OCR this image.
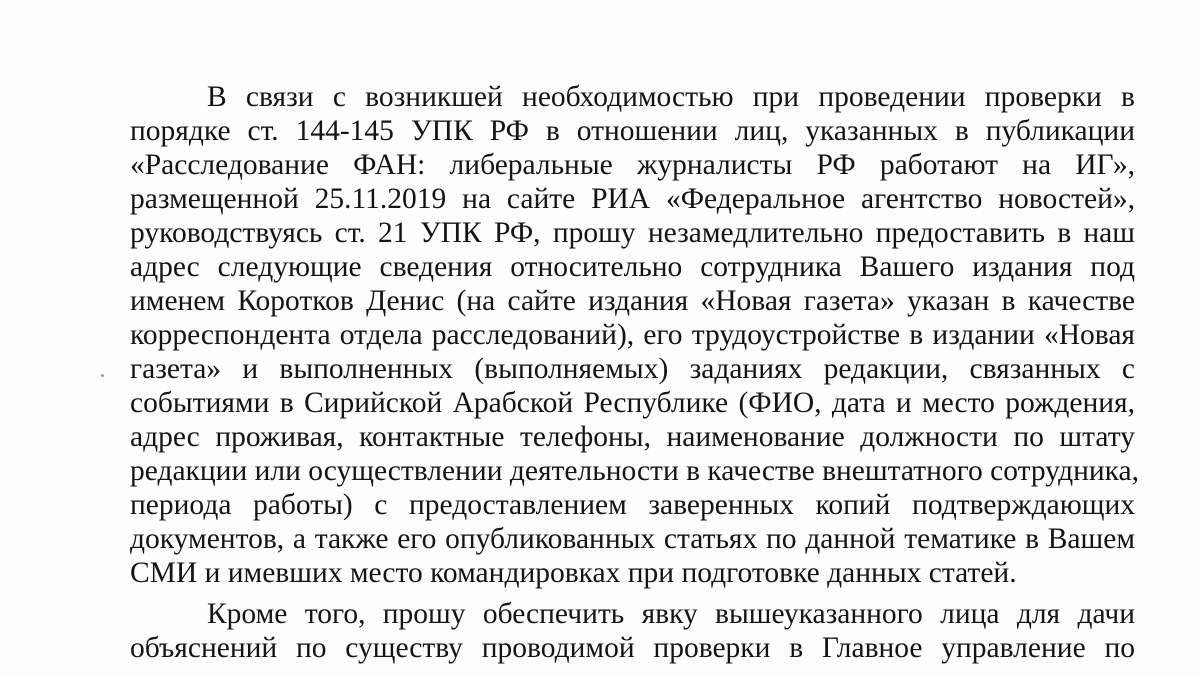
В связи с возникшей необходимостью при проведении проверки в
порядке ст. 144-145 УПК РФ в отношении лиц, указанных в публикации
«Расследование ФАН: либеральные журналисты РФ работают на ИГ»,
размещенной 25.11.2019 на сайте РИА «Федеральное агентство новостей»,
руководствуясь ст. 21 УПК РФ, прошу незамедлительно предоставить в наш
адрес следующие сведения относительно сотрудника Вашего издания под
именем Коротков Денис (на сайте издания «Новая газета» указан в качестве
корреспондента отдела расследований), его трудоустройстве в издании «Новая
газета» и выполненных (выполняемых) заданиях редакции, связанных с
событиями в Сирийской Арабской Республике (ФИО, дата и место рождения,
адрес проживая, контактные телефоны, наименование должности по штату
редакции или осуществлении деятельности в качестве внештатного сотрудника,
периода работы) с предоставлением заверенных копий подтверждающих
документов, а также его опубликованных статьях по данной тематике в Вашем
СМИ и имевших место командировках при подготовке данных статей.
Кроме того, прошу обеспечить явку вышеуказанного лица для дачи
объяснений по существу проводимой проверки в Главное управление по
